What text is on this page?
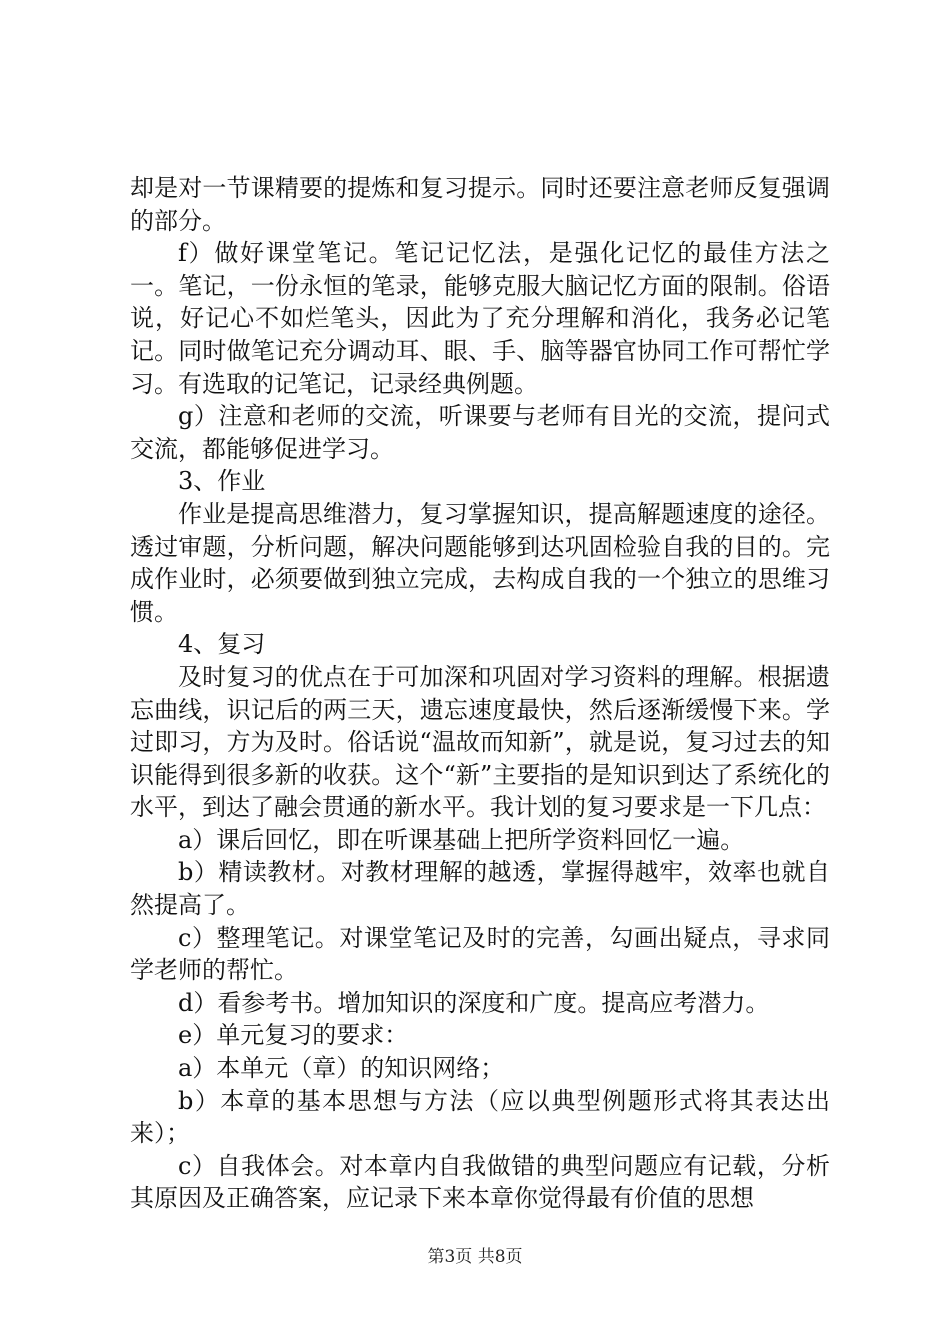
却是对一节课精要的提炼和复习提示。同时还要注意老师反复强调的部分。

f）做好课堂笔记。笔记记忆法，是强化记忆的最佳方法之一。笔记，一份永恒的笔录，能够克服大脑记忆方面的限制。俗语说，好记心不如烂笔头，因此为了充分理解和消化，我务必记笔记。同时做笔记充分调动耳、眼、手、脑等器官协同工作可帮忙学习。有选取的记笔记，记录经典例题。

g）注意和老师的交流，听课要与老师有目光的交流，提问式交流，都能够促进学习。

3、作业

作业是提高思维潜力，复习掌握知识，提高解题速度的途径。透过审题，分析问题，解决问题能够到达巩固检验自我的目的。完成作业时，必须要做到独立完成，去构成自我的一个独立的思维习惯。

4、复习

及时复习的优点在于可加深和巩固对学习资料的理解。根据遗忘曲线，识记后的两三天，遗忘速度最快，然后逐渐缓慢下来。学过即习，方为及时。俗话说“温故而知新”，就是说，复习过去的知识能得到很多新的收获。这个“新”主要指的是知识到达了系统化的水平，到达了融会贯通的新水平。我计划的复习要求是一下几点：

a）课后回忆，即在听课基础上把所学资料回忆一遍。

b）精读教材。对教材理解的越透，掌握得越牢，效率也就自然提高了。

c）整理笔记。对课堂笔记及时的完善，勾画出疑点，寻求同学老师的帮忙。

d）看参考书。增加知识的深度和广度。提高应考潜力。

e）单元复习的要求：

a）本单元（章）的知识网络；

b）本章的基本思想与方法（应以典型例题形式将其表达出来）；

c）自我体会。对本章内自我做错的典型问题应有记载，分析其原因及正确答案，应记录下来本章你觉得最有价值的思想

第3页 共8页
